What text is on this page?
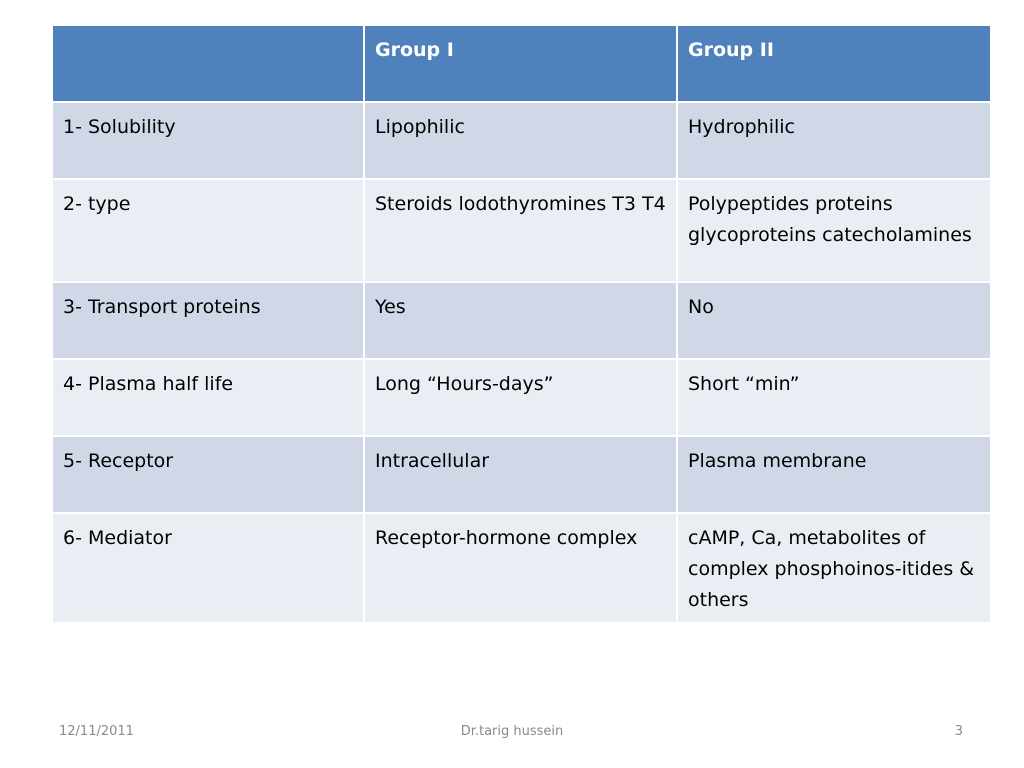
	Group I	Group II
1- Solubility	Lipophilic	Hydrophilic
2- type	Steroids lodothyromines T3 T4	Polypeptides proteins glycoproteins catecholamines
3- Transport proteins	Yes	No
4- Plasma half life	Long “Hours-days”	Short “min”
5- Receptor	Intracellular	Plasma membrane
6- Mediator	Receptor-hormone complex	cAMP, Ca, metabolites of complex phosphoinos-itides & others
12/11/2011	Dr.tarig hussein	3
